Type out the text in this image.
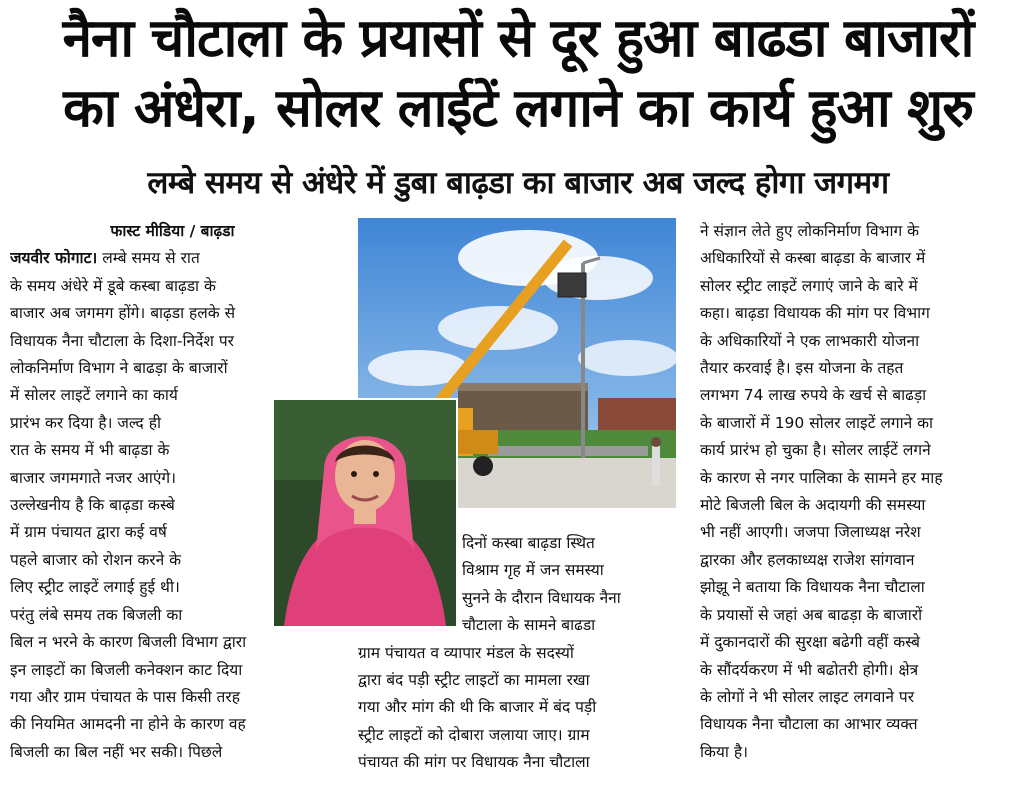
नैना चौटाला के प्रयासों से दूर हुआ बाढडा बाजारों
का अंधेरा, सोलर लाईटें लगाने का कार्य हुआ शुरु
लम्बे समय से अंधेरे में डुबा बाढ़डा का बाजार अब जल्द होगा जगमग
फास्ट मीडिया / बाढ़डा
जयवीर फोगाट। लम्बे समय से रात
के समय अंधेरे में डूबे कस्बा बाढ़डा के
बाजार अब जगमग होंगे। बाढ़डा हलके से
विधायक नैना चौटाला के दिशा-निर्देश पर
लोकनिर्माण विभाग ने बाढड़ा के बाजारों
में सोलर लाइटें लगाने का कार्य
प्रारंभ कर दिया है। जल्द ही
रात के समय में भी बाढ़डा के
बाजार जगमगाते नजर आएंगे।
उल्लेखनीय है कि बाढ़डा कस्बे
में ग्राम पंचायत द्वारा कई वर्ष
पहले बाजार को रोशन करने के
लिए स्ट्रीट लाइटें लगाई हुई थी।
परंतु लंबे समय तक बिजली का
बिल न भरने के कारण बिजली विभाग द्वारा
इन लाइटों का बिजली कनेक्शन काट दिया
गया और ग्राम पंचायत के पास किसी तरह
की नियमित आमदनी ना होने के कारण वह
बिजली का बिल नहीं भर सकी। पिछले
दिनों कस्बा बाढ़डा स्थित
विश्राम गृह में जन समस्या
सुनने के दौरान विधायक नैना
चौटाला के सामने बाढडा
ग्राम पंचायत व व्यापार मंडल के सदस्यों
द्वारा बंद पड़ी स्ट्रीट लाइटों का मामला रखा
गया और मांग की थी कि बाजार में बंद पड़ी
स्ट्रीट लाइटों को दोबारा जलाया जाए। ग्राम
पंचायत की मांग पर विधायक नैना चौटाला
ने संज्ञान लेते हुए लोकनिर्माण विभाग के
अधिकारियों से कस्बा बाढ़डा के बाजार में
सोलर स्ट्रीट लाइटें लगाएं जाने के बारे में
कहा। बाढ़डा विधायक की मांग पर विभाग
के अधिकारियों ने एक लाभकारी योजना
तैयार करवाई है। इस योजना के तहत
लगभग 74 लाख रुपये के खर्च से बाढड़ा
के बाजारों में 190 सोलर लाइटें लगाने का
कार्य प्रारंभ हो चुका है। सोलर लाईटें लगने
के कारण से नगर पालिका के सामने हर माह
मोटे बिजली बिल के अदायगी की समस्या
भी नहीं आएगी। जजपा जिलाध्यक्ष नरेश
द्वारका और हलकाध्यक्ष राजेश सांगवान
झोझू ने बताया कि विधायक नैना चौटाला
के प्रयासों से जहां अब बाढड़ा के बाजारों
में दुकानदारों की सुरक्षा बढेगी वहीं कस्बे
के सौंदर्यकरण में भी बढोतरी होगी। क्षेत्र
के लोगों ने भी सोलर लाइट लगवाने पर
विधायक नैना चौटाला का आभार व्यक्त
किया है।
